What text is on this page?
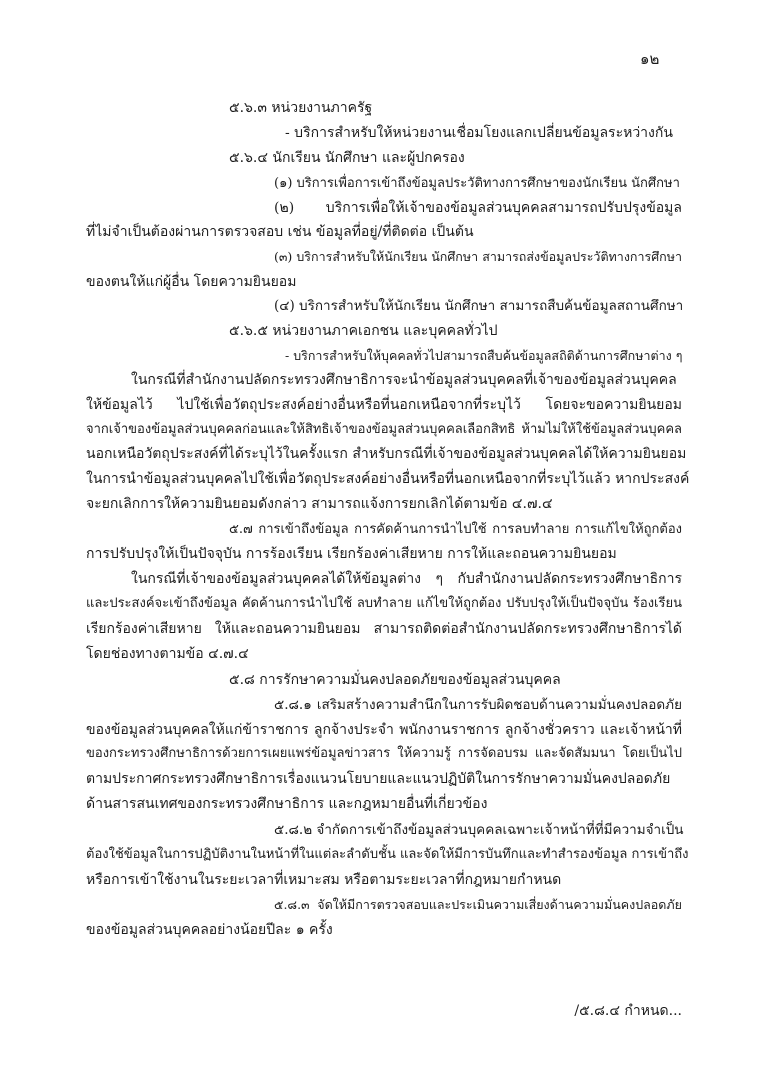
๑๒
๕.๖.๓ หน่วยงานภาครัฐ
- บริการสำหรับให้หน่วยงานเชื่อมโยงแลกเปลี่ยนข้อมูลระหว่างกัน
๕.๖.๔ นักเรียน นักศึกษา และผู้ปกครอง
(๑) บริการเพื่อการเข้าถึงข้อมูลประวัติทางการศึกษาของนักเรียน นักศึกษา
(๒) บริการเพื่อให้เจ้าของข้อมูลส่วนบุคคลสามารถปรับปรุงข้อมูล
ที่ไม่จำเป็นต้องผ่านการตรวจสอบ เช่น ข้อมูลที่อยู่/ที่ติดต่อ เป็นต้น
(๓) บริการสำหรับให้นักเรียน นักศึกษา สามารถส่งข้อมูลประวัติทางการศึกษา
ของตนให้แก่ผู้อื่น โดยความยินยอม
(๔) บริการสำหรับให้นักเรียน นักศึกษา สามารถสืบค้นข้อมูลสถานศึกษา
๕.๖.๕ หน่วยงานภาคเอกชน และบุคคลทั่วไป
- บริการสำหรับให้บุคคลทั่วไปสามารถสืบค้นข้อมูลสถิติด้านการศึกษาต่าง ๆ
ในกรณีที่สำนักงานปลัดกระทรวงศึกษาธิการจะนำข้อมูลส่วนบุคคลที่เจ้าของข้อมูลส่วนบุคคล
ให้ข้อมูลไว้ ไปใช้เพื่อวัตถุประสงค์อย่างอื่นหรือที่นอกเหนือจากที่ระบุไว้ โดยจะขอความยินยอม
จากเจ้าของข้อมูลส่วนบุคคลก่อนและให้สิทธิเจ้าของข้อมูลส่วนบุคคลเลือกสิทธิ ห้ามไม่ให้ใช้ข้อมูลส่วนบุคคล
นอกเหนือวัตถุประสงค์ที่ได้ระบุไว้ในครั้งแรก สำหรับกรณีที่เจ้าของข้อมูลส่วนบุคคลได้ให้ความยินยอม
ในการนำข้อมูลส่วนบุคคลไปใช้เพื่อวัตถุประสงค์อย่างอื่นหรือที่นอกเหนือจากที่ระบุไว้แล้ว หากประสงค์
จะยกเลิกการให้ความยินยอมดังกล่าว สามารถแจ้งการยกเลิกได้ตามข้อ ๔.๗.๔
๕.๗ การเข้าถึงข้อมูล การคัดค้านการนำไปใช้ การลบทำลาย การแก้ไขให้ถูกต้อง
การปรับปรุงให้เป็นปัจจุบัน การร้องเรียน เรียกร้องค่าเสียหาย การให้และถอนความยินยอม
ในกรณีที่เจ้าของข้อมูลส่วนบุคคลได้ให้ข้อมูลต่าง ๆ กับสำนักงานปลัดกระทรวงศึกษาธิการ
และประสงค์จะเข้าถึงข้อมูล คัดค้านการนำไปใช้ ลบทำลาย แก้ไขให้ถูกต้อง ปรับปรุงให้เป็นปัจจุบัน ร้องเรียน
เรียกร้องค่าเสียหาย ให้และถอนความยินยอม สามารถติดต่อสำนักงานปลัดกระทรวงศึกษาธิการได้
โดยช่องทางตามข้อ ๔.๗.๔
๕.๘ การรักษาความมั่นคงปลอดภัยของข้อมูลส่วนบุคคล
๕.๘.๑ เสริมสร้างความสำนึกในการรับผิดชอบด้านความมั่นคงปลอดภัย
ของข้อมูลส่วนบุคคลให้แก่ข้าราชการ ลูกจ้างประจำ พนักงานราชการ ลูกจ้างชั่วคราว และเจ้าหน้าที่
ของกระทรวงศึกษาธิการด้วยการเผยแพร่ข้อมูลข่าวสาร ให้ความรู้ การจัดอบรม และจัดสัมมนา โดยเป็นไป
ตามประกาศกระทรวงศึกษาธิการเรื่องแนวนโยบายและแนวปฏิบัติในการรักษาความมั่นคงปลอดภัย
ด้านสารสนเทศของกระทรวงศึกษาธิการ และกฎหมายอื่นที่เกี่ยวข้อง
๕.๘.๒ จำกัดการเข้าถึงข้อมูลส่วนบุคคลเฉพาะเจ้าหน้าที่ที่มีความจำเป็น
ต้องใช้ข้อมูลในการปฏิบัติงานในหน้าที่ในแต่ละลำดับชั้น และจัดให้มีการบันทึกและทำสำรองข้อมูล การเข้าถึง
หรือการเข้าใช้งานในระยะเวลาที่เหมาะสม หรือตามระยะเวลาที่กฎหมายกำหนด
๕.๘.๓ จัดให้มีการตรวจสอบและประเมินความเสี่ยงด้านความมั่นคงปลอดภัย
ของข้อมูลส่วนบุคคลอย่างน้อยปีละ ๑ ครั้ง
/๕.๘.๔ กำหนด...
